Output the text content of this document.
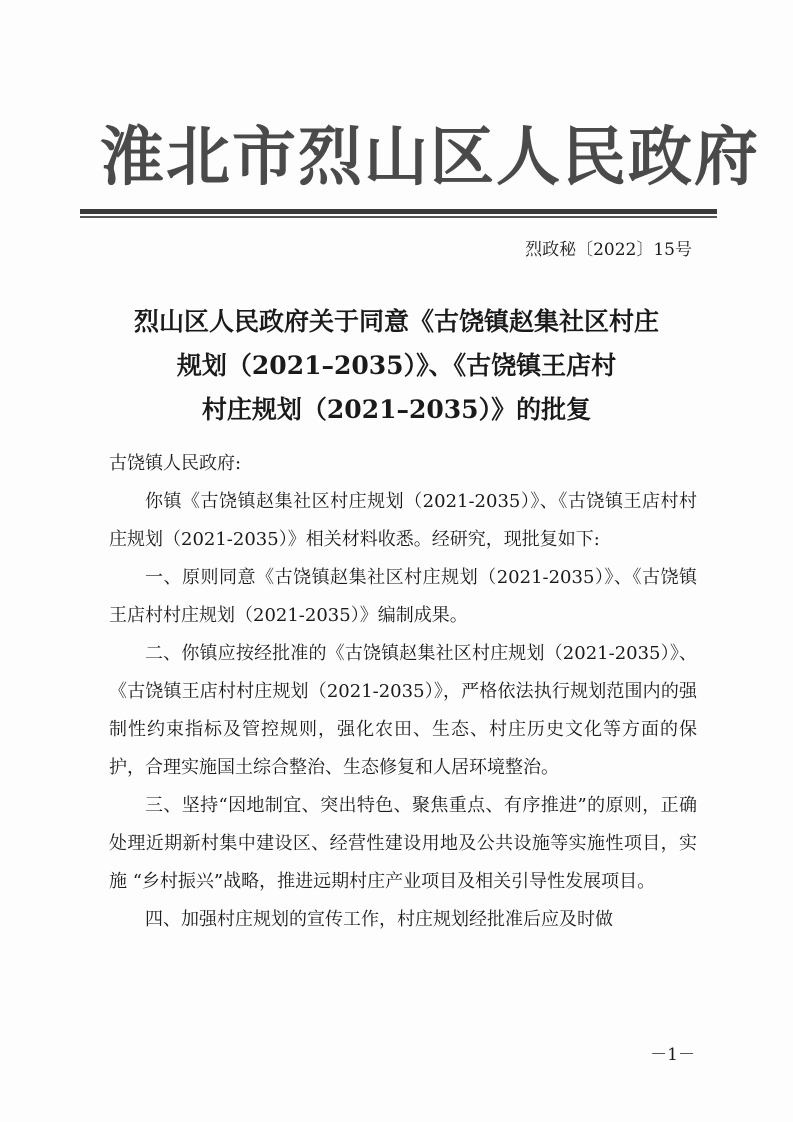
淮北市烈山区人民政府
烈政秘〔2022〕15号
烈山区人民政府关于同意《古饶镇赵集社区村庄
规划（2021–2035）》、《古饶镇王店村
村庄规划（2021–2035）》的批复

古饶镇人民政府:

你镇《古饶镇赵集社区村庄规划（2021-2035）》、《古饶镇王店村村庄规划（2021-2035）》相关材料收悉。经研究，现批复如下:

一、原则同意《古饶镇赵集社区村庄规划（2021-2035）》、《古饶镇王店村村庄规划（2021-2035）》编制成果。

二、你镇应按经批准的《古饶镇赵集社区村庄规划（2021-2035）》、《古饶镇王店村村庄规划（2021-2035）》，严格依法执行规划范围内的强制性约束指标及管控规则，强化农田、生态、村庄历史文化等方面的保护，合理实施国土综合整治、生态修复和人居环境整治。

三、坚持“因地制宜、突出特色、聚焦重点、有序推进”的原则，正确处理近期新村集中建设区、经营性建设用地及公共设施等实施性项目，实施 “乡村振兴”战略，推进远期村庄产业项目及相关引导性发展项目。

四、加强村庄规划的宣传工作，村庄规划经批准后应及时做

－1－
